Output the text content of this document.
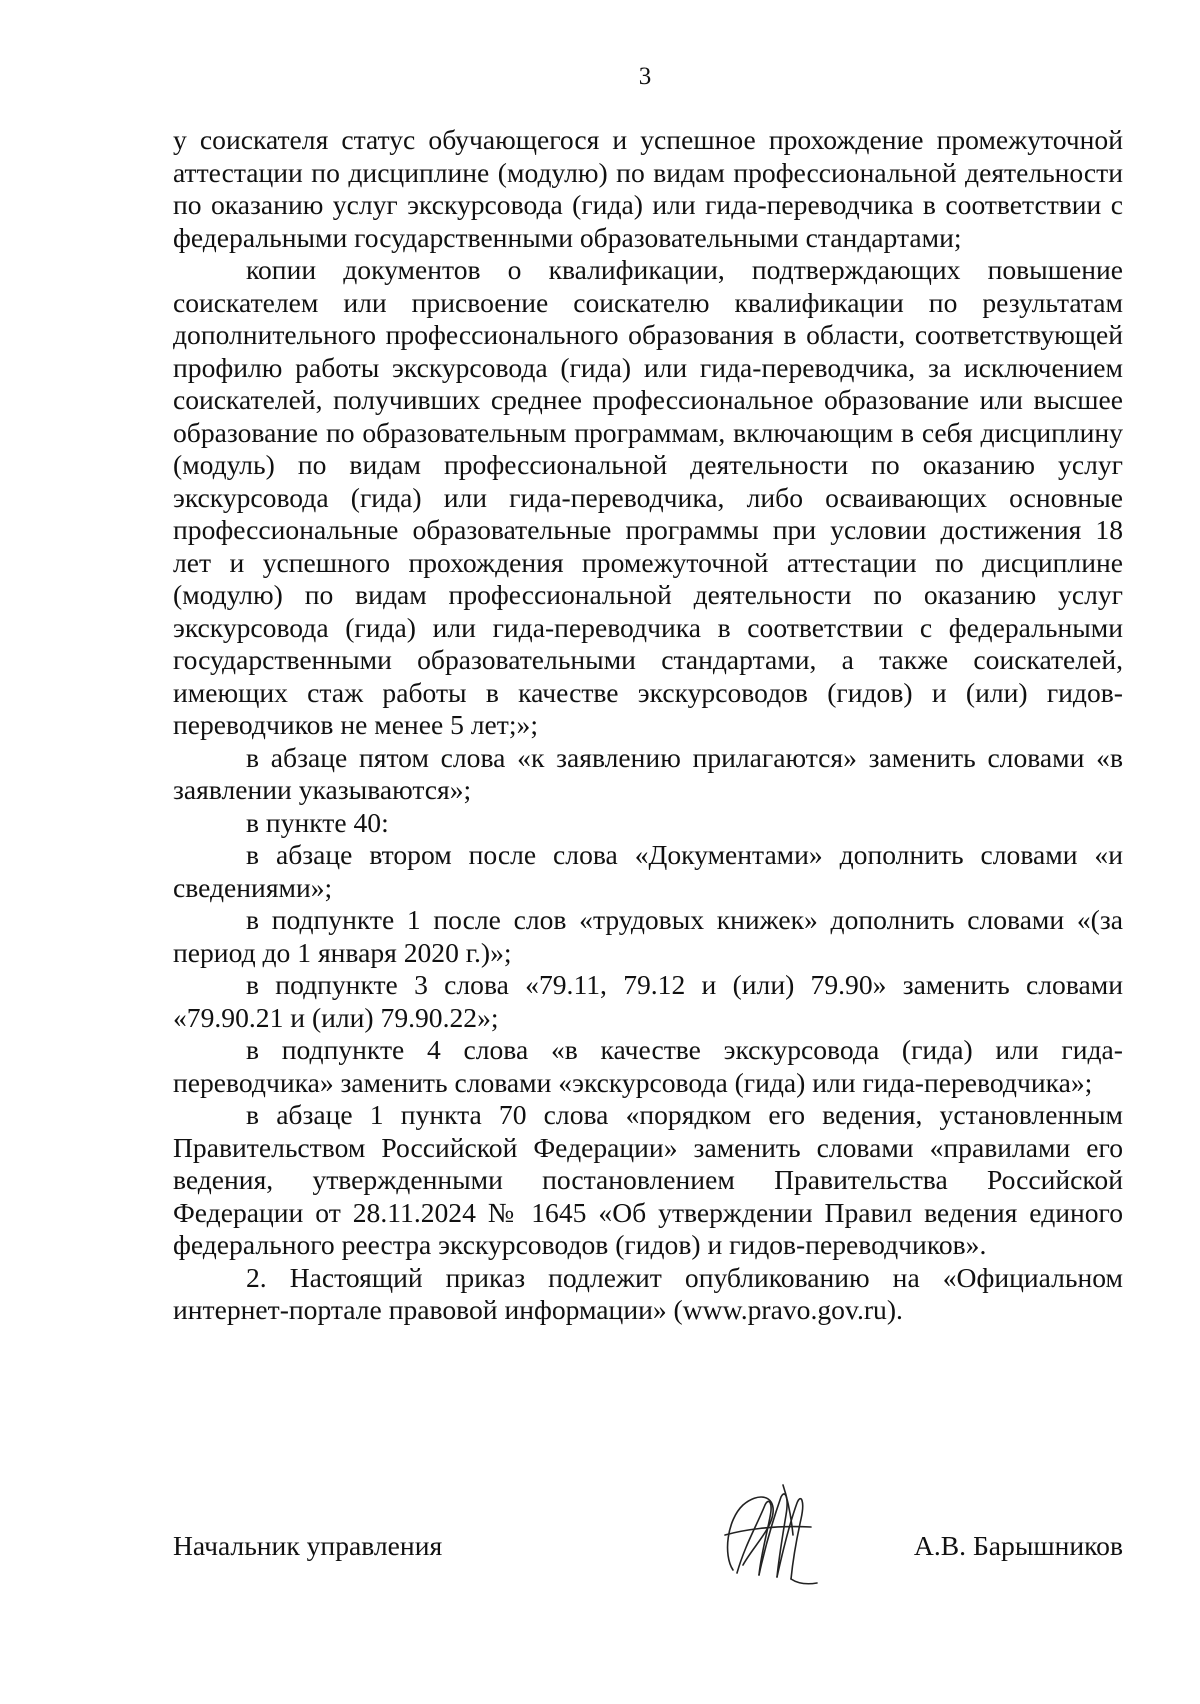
3

у соискателя статус обучающегося и успешное прохождение промежуточной аттестации по дисциплине (модулю) по видам профессиональной деятельности по оказанию услуг экскурсовода (гида) или гида-переводчика в соответствии с федеральными государственными образовательными стандартами;

копии документов о квалификации, подтверждающих повышение соискателем или присвоение соискателю квалификации по результатам дополнительного профессионального образования в области, соответствующей профилю работы экскурсовода (гида) или гида-переводчика, за исключением соискателей, получивших среднее профессиональное образование или высшее образование по образовательным программам, включающим в себя дисциплину (модуль) по видам профессиональной деятельности по оказанию услуг экскурсовода (гида) или гида-переводчика, либо осваивающих основные профессиональные образовательные программы при условии достижения 18 лет и успешного прохождения промежуточной аттестации по дисциплине (модулю) по видам профессиональной деятельности по оказанию услуг экскурсовода (гида) или гида-переводчика в соответствии с федеральными государственными образовательными стандартами, а также соискателей, имеющих стаж работы в качестве экскурсоводов (гидов) и (или) гидов-переводчиков не менее 5 лет;»;

в абзаце пятом слова «к заявлению прилагаются» заменить словами «в заявлении указываются»;

в пункте 40:

в абзаце втором после слова «Документами» дополнить словами «и сведениями»;

в подпункте 1 после слов «трудовых книжек» дополнить словами «(за период до 1 января 2020 г.)»;

в подпункте 3 слова «79.11, 79.12 и (или) 79.90» заменить словами «79.90.21 и (или) 79.90.22»;

в подпункте 4 слова «в качестве экскурсовода (гида) или гида-переводчика» заменить словами «экскурсовода (гида) или гида-переводчика»;

в абзаце 1 пункта 70 слова «порядком его ведения, установленным Правительством Российской Федерации» заменить словами «правилами его ведения, утвержденными постановлением Правительства Российской Федерации от 28.11.2024 № 1645 «Об утверждении Правил ведения единого федерального реестра экскурсоводов (гидов) и гидов-переводчиков».

2. Настоящий приказ подлежит опубликованию на «Официальном интернет-портале правовой информации» (www.pravo.gov.ru).

Начальник управления	А.В. Барышников
